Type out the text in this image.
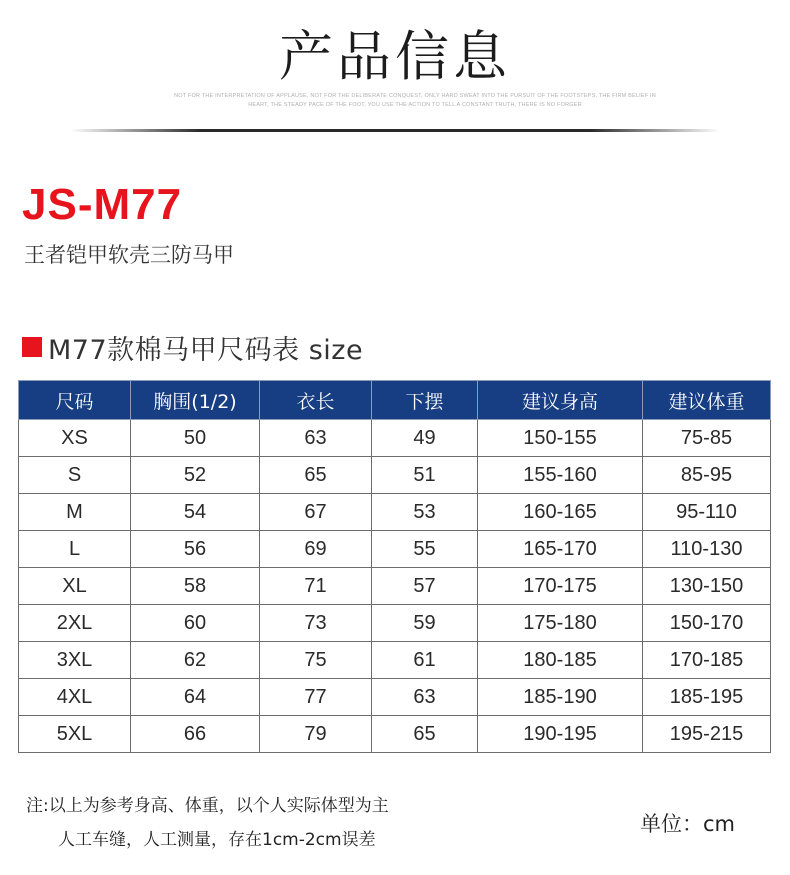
产品信息
NOT FOR THE INTERPRETATION OF APPLAUSE, NOT FOR THE DELIBERATE CONQUEST, ONLY HARD SWEAT INTO THE PURSUIT OF THE FOOTSTEPS, THE FIRM BELIEF IN
HEART, THE STEADY PACE OF THE FOOT, YOU USE THE ACTION TO TELL A CONSTANT TRUTH, THERE IS NO FORGER
JS-M77
王者铠甲软壳三防马甲
M77款棉马甲尺码表 size
尺码	胸围(1/2)	衣长	下摆	建议身高	建议体重
XS	50	63	49	150-155	75-85
S	52	65	51	155-160	85-95
M	54	67	53	160-165	95-110
L	56	69	55	165-170	110-130
XL	58	71	57	170-175	130-150
2XL	60	73	59	175-180	150-170
3XL	62	75	61	180-185	170-185
4XL	64	77	63	185-190	185-195
5XL	66	79	65	190-195	195-215
注:以上为参考身高、体重，以个人实际体型为主
人工车缝，人工测量，存在1cm-2cm误差
单位：cm
